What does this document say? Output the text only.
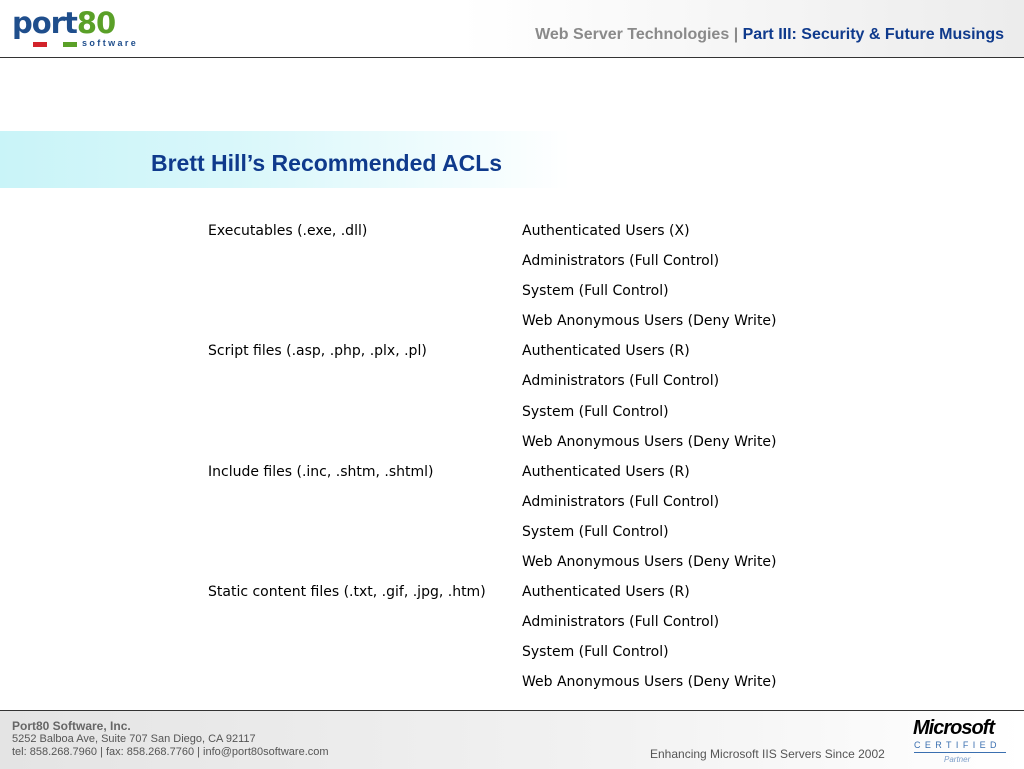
port80
software	Web Server Technologies | Part III: Security & Future Musings
Brett Hill’s Recommended ACLs
Executables (.exe, .dll)	Authenticated Users (X)
Administrators (Full Control)
System (Full Control)
Web Anonymous Users (Deny Write)
Script files (.asp, .php, .plx, .pl)	Authenticated Users (R)
Administrators (Full Control)
System (Full Control)
Web Anonymous Users (Deny Write)
Include files (.inc, .shtm, .shtml)	Authenticated Users (R)
Administrators (Full Control)
System (Full Control)
Web Anonymous Users (Deny Write)
Static content files (.txt, .gif, .jpg, .htm)	Authenticated Users (R)
Administrators (Full Control)
System (Full Control)
Web Anonymous Users (Deny Write)
Port80 Software, Inc.
5252 Balboa Ave, Suite 707 San Diego, CA 92117
tel: 858.268.7960 | fax: 858.268.7760 | info@port80software.com	Enhancing Microsoft IIS Servers Since 2002
Microsoft
CERTIFIED
Partner
